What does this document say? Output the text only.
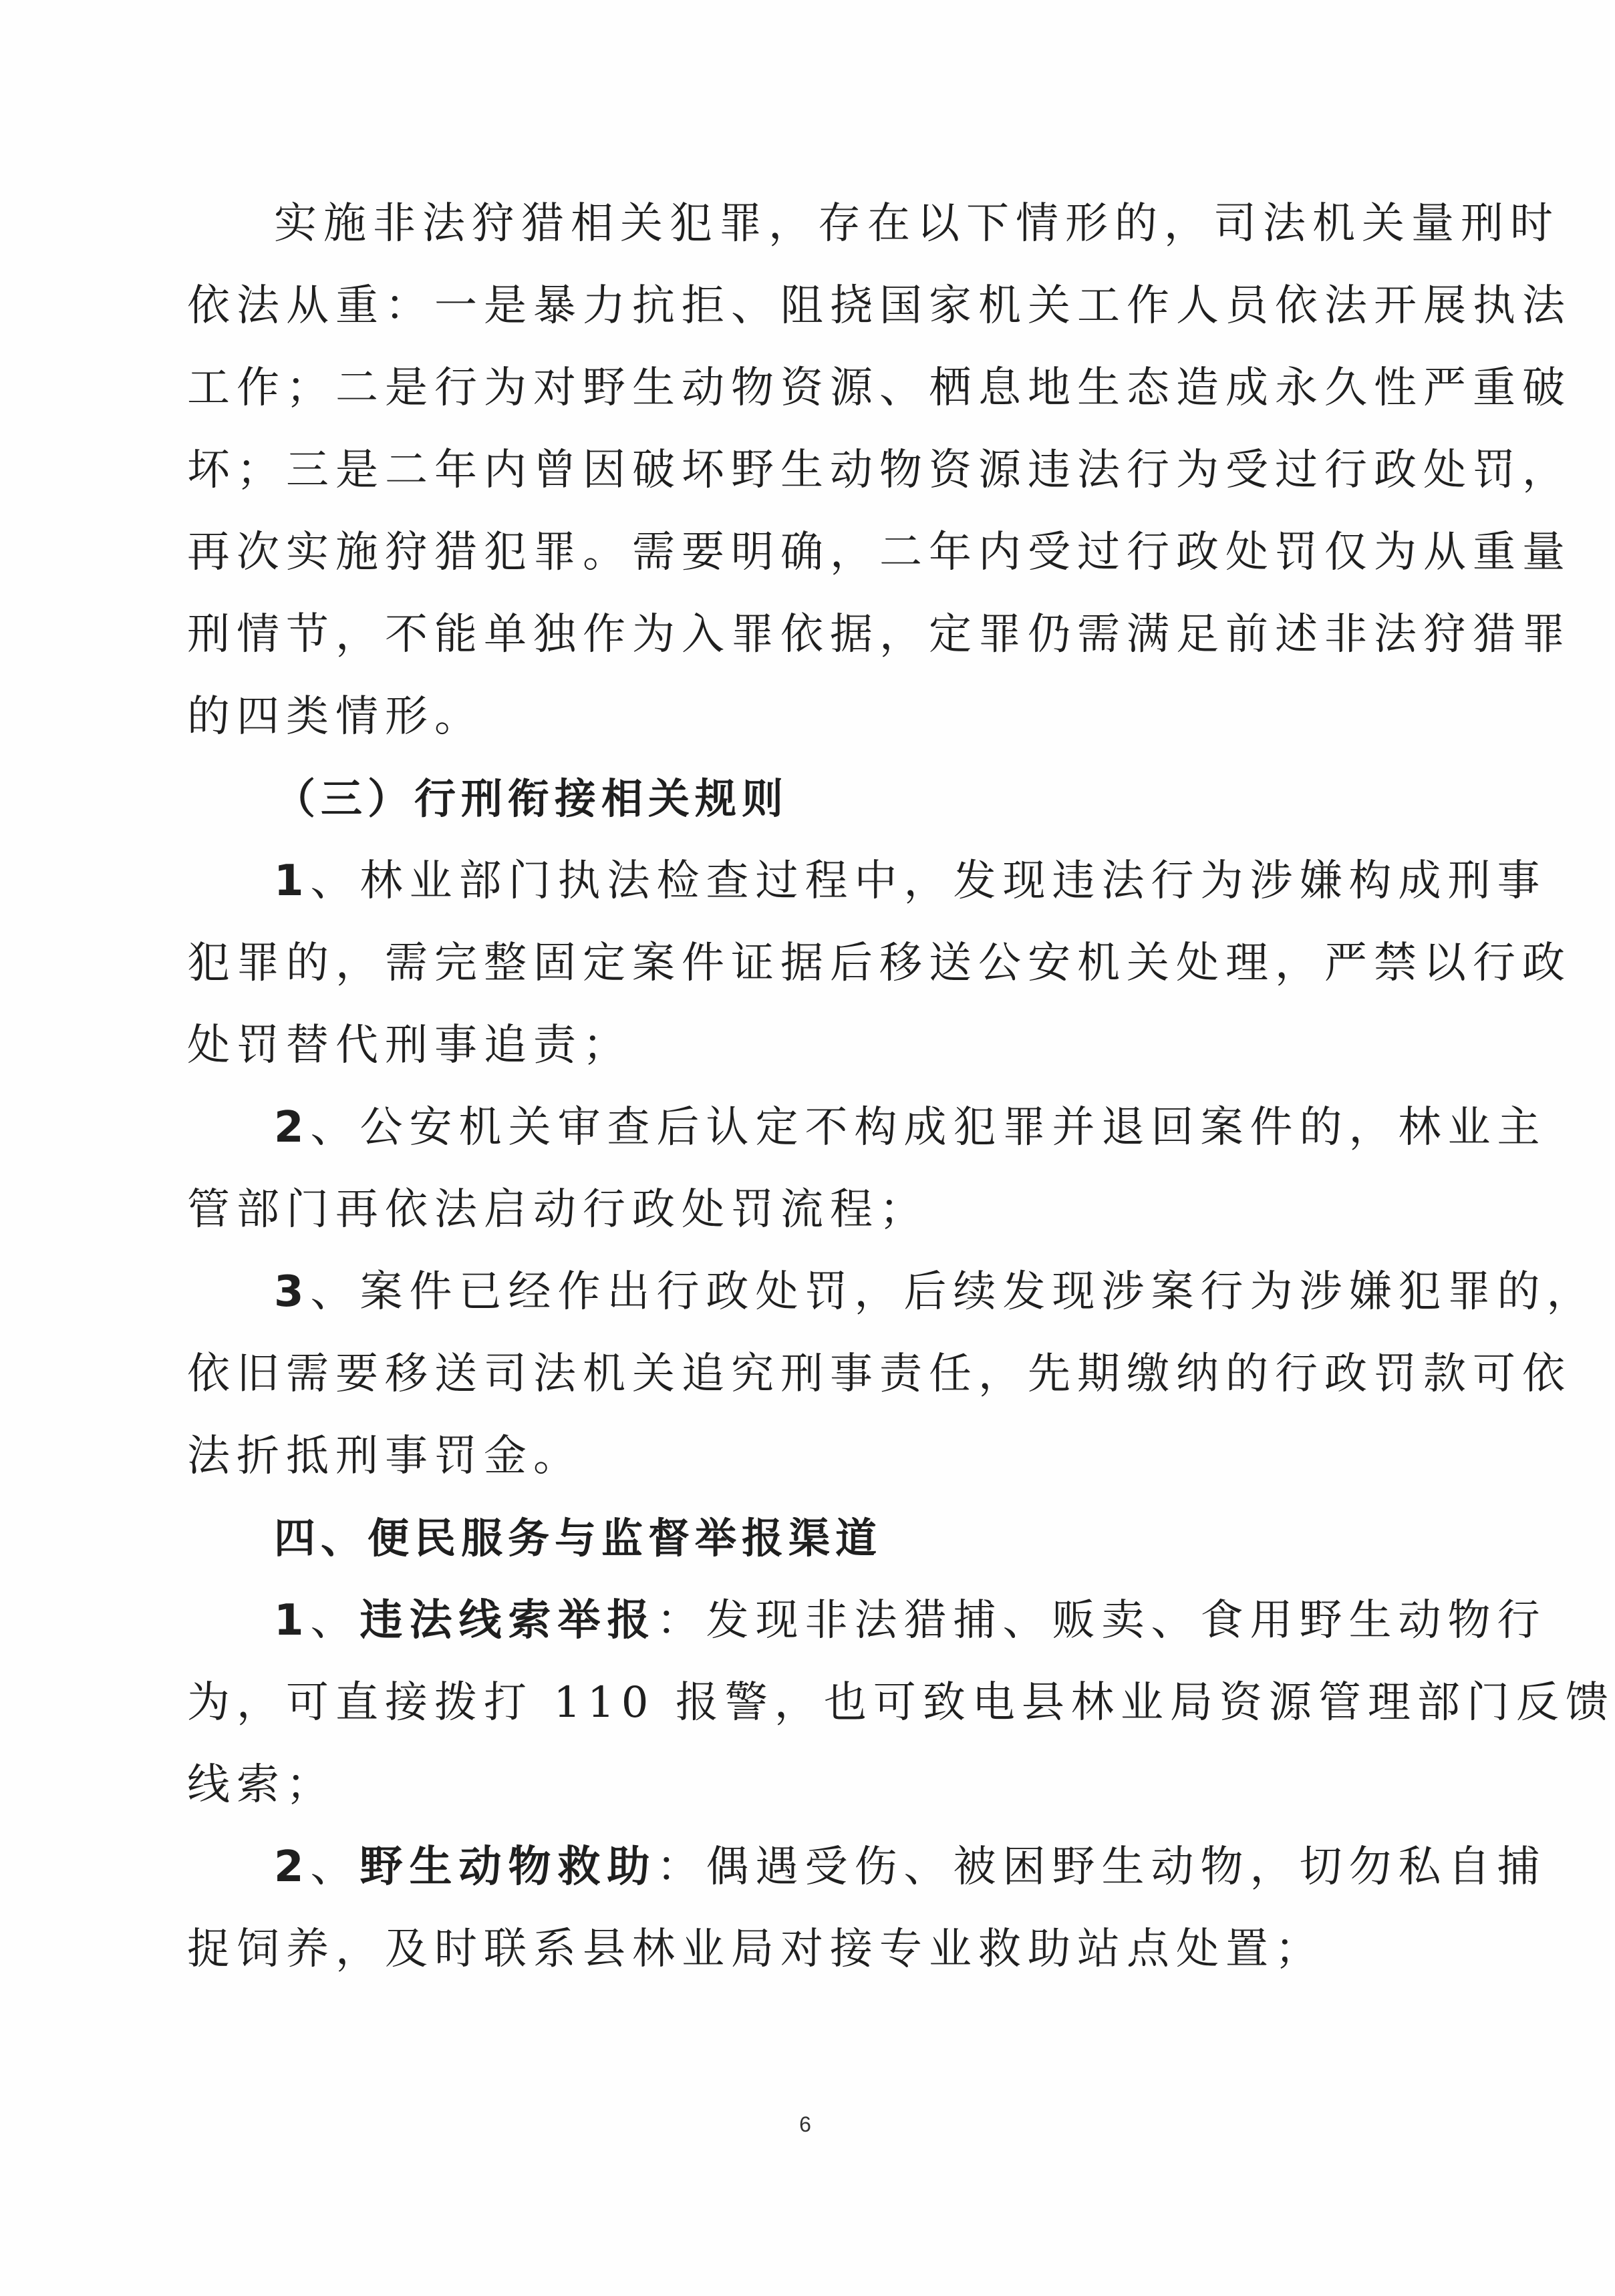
实施非法狩猎相关犯罪，存在以下情形的，司法机关量刑时
依法从重：一是暴力抗拒、阻挠国家机关工作人员依法开展执法
工作；二是行为对野生动物资源、栖息地生态造成永久性严重破
坏；三是二年内曾因破坏野生动物资源违法行为受过行政处罚，
再次实施狩猎犯罪。需要明确，二年内受过行政处罚仅为从重量
刑情节，不能单独作为入罪依据，定罪仍需满足前述非法狩猎罪
的四类情形。
（三）行刑衔接相关规则
1、林业部门执法检查过程中，发现违法行为涉嫌构成刑事
犯罪的，需完整固定案件证据后移送公安机关处理，严禁以行政
处罚替代刑事追责；
2、公安机关审查后认定不构成犯罪并退回案件的，林业主
管部门再依法启动行政处罚流程；
3、案件已经作出行政处罚，后续发现涉案行为涉嫌犯罪的，
依旧需要移送司法机关追究刑事责任，先期缴纳的行政罚款可依
法折抵刑事罚金。
四、便民服务与监督举报渠道
1、违法线索举报：发现非法猎捕、贩卖、食用野生动物行
为，可直接拨打 110 报警，也可致电县林业局资源管理部门反馈
线索；
2、野生动物救助：偶遇受伤、被困野生动物，切勿私自捕
捉饲养，及时联系县林业局对接专业救助站点处置；
6
